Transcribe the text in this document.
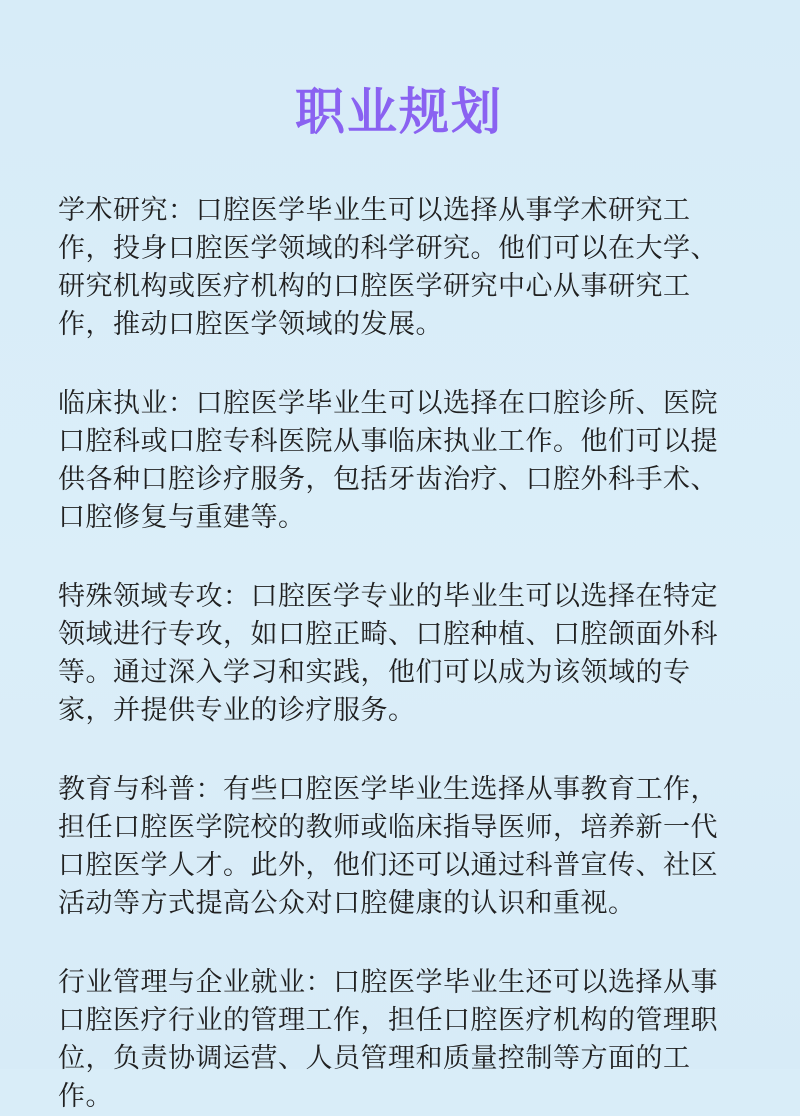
职业规划

学术研究：口腔医学毕业生可以选择从事学术研究工作，投身口腔医学领域的科学研究。他们可以在大学、研究机构或医疗机构的口腔医学研究中心从事研究工作，推动口腔医学领域的发展。

临床执业：口腔医学毕业生可以选择在口腔诊所、医院口腔科或口腔专科医院从事临床执业工作。他们可以提供各种口腔诊疗服务，包括牙齿治疗、口腔外科手术、口腔修复与重建等。

特殊领域专攻：口腔医学专业的毕业生可以选择在特定领域进行专攻，如口腔正畸、口腔种植、口腔颌面外科等。通过深入学习和实践，他们可以成为该领域的专家，并提供专业的诊疗服务。

教育与科普：有些口腔医学毕业生选择从事教育工作，担任口腔医学院校的教师或临床指导医师，培养新一代口腔医学人才。此外，他们还可以通过科普宣传、社区活动等方式提高公众对口腔健康的认识和重视。

行业管理与企业就业：口腔医学毕业生还可以选择从事口腔医疗行业的管理工作，担任口腔医疗机构的管理职位，负责协调运营、人员管理和质量控制等方面的工作。
